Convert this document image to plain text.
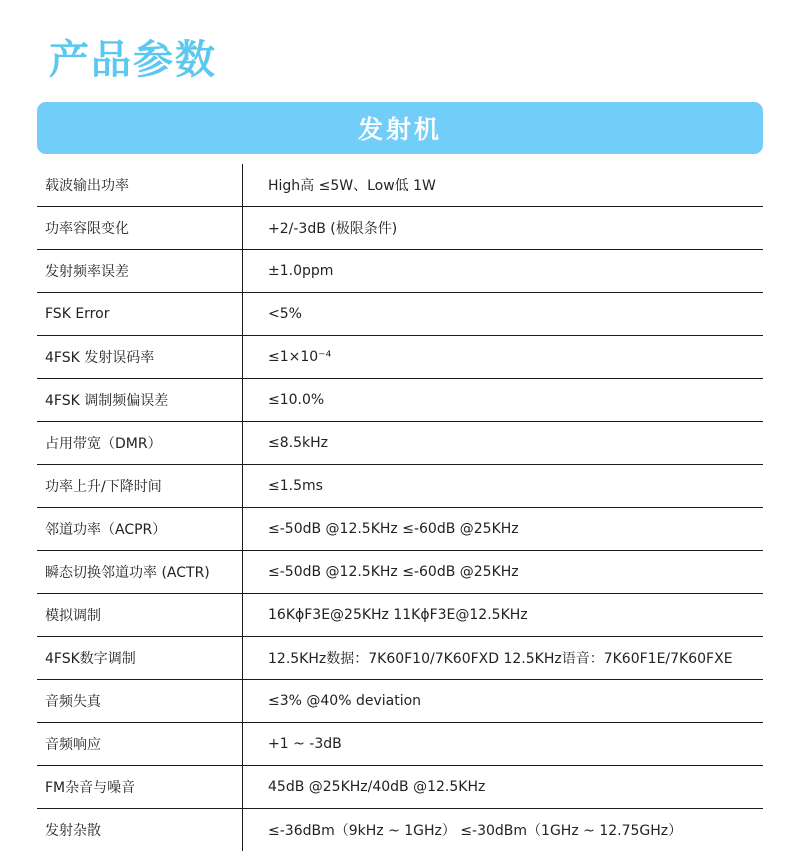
产品参数
发射机
载波输出功率	High高 ≤5W、Low低 1W
功率容限变化	+2/-3dB (极限条件)
发射频率误差	±1.0ppm
FSK Error	<5%
4FSK 发射误码率	≤1×10⁻⁴
4FSK 调制频偏误差	≤10.0%
占用带宽（DMR）	≤8.5kHz
功率上升/下降时间	≤1.5ms
邻道功率（ACPR）	≤-50dB @12.5KHz ≤-60dB @25KHz
瞬态切换邻道功率 (ACTR)	≤-50dB @12.5KHz ≤-60dB @25KHz
模拟调制	16KϕF3E@25KHz 11KϕF3E@12.5KHz
4FSK数字调制	12.5KHz数据：7K60F10/7K60FXD 12.5KHz语音：7K60F1E/7K60FXE
音频失真	≤3% @40% deviation
音频响应	+1 ~ -3dB
FM杂音与噪音	45dB @25KHz/40dB @12.5KHz
发射杂散	≤-36dBm（9kHz ~ 1GHz） ≤-30dBm（1GHz ~ 12.75GHz）
